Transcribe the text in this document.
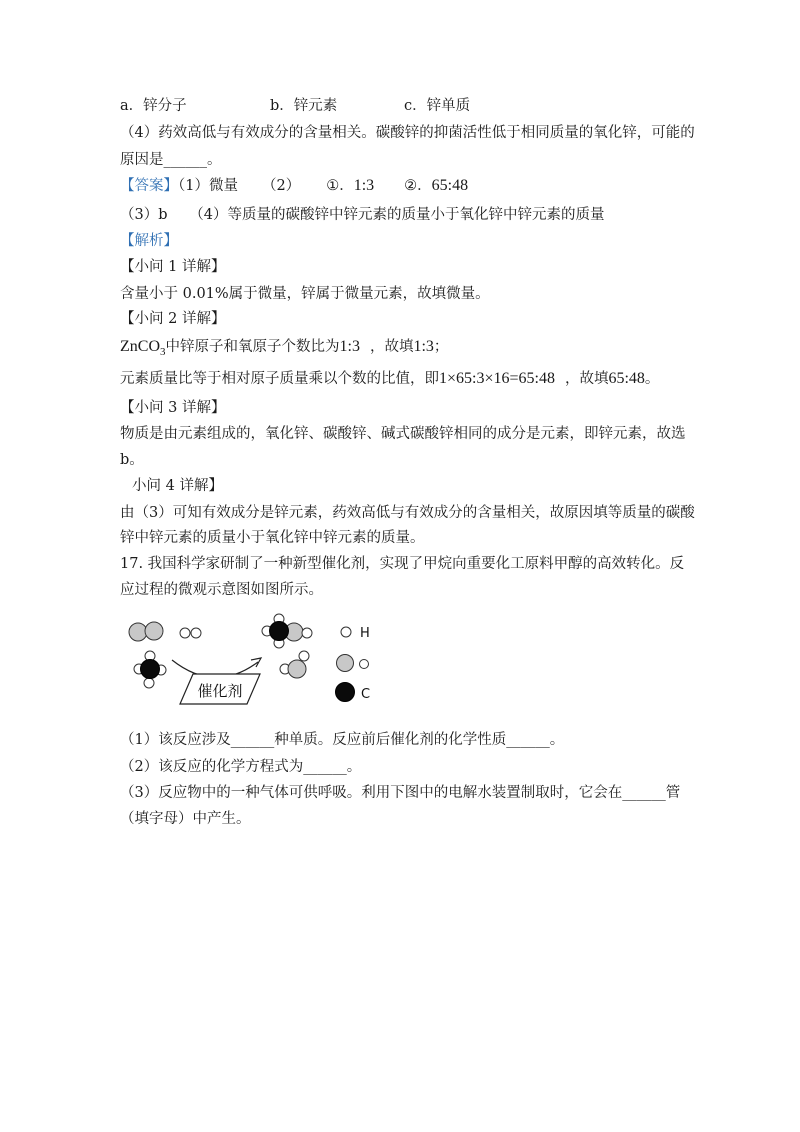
a．锌分子	b．锌元素	c．锌单质
（4）药效高低与有效成分的含量相关。碳酸锌的抑菌活性低于相同质量的氧化锌，可能的
原因是______。
【答案】（1）微量 （2） ①．1:3 ②．65:48
（3）b　　（4）等质量的碳酸锌中锌元素的质量小于氧化锌中锌元素的质量
【解析】
【小问 1 详解】
含量小于 0.01%属于微量，锌属于微量元素，故填微量。
【小问 2 详解】
ZnCO$_3$中锌原子和氧原子个数比为1:3 ，故填1:3；
元素质量比等于相对原子质量乘以个数的比值，即1×65:3×16=65:48 ，故填65:48。
【小问 3 详解】
物质是由元素组成的，氧化锌、碳酸锌、碱式碳酸锌相同的成分是元素，即锌元素，故选
b。
小问 4 详解】
由（3）可知有效成分是锌元素，药效高低与有效成分的含量相关，故原因填等质量的碳酸
锌中锌元素的质量小于氧化锌中锌元素的质量。
17. 我国科学家研制了一种新型催化剂，实现了甲烷向重要化工原料甲醇的高效转化。反
应过程的微观示意图如图所示。
催化剂
H
C
（1）该反应涉及______种单质。反应前后催化剂的化学性质______。
（2）该反应的化学方程式为______。
（3）反应物中的一种气体可供呼吸。利用下图中的电解水装置制取时，它会在______管
（填字母）中产生。
